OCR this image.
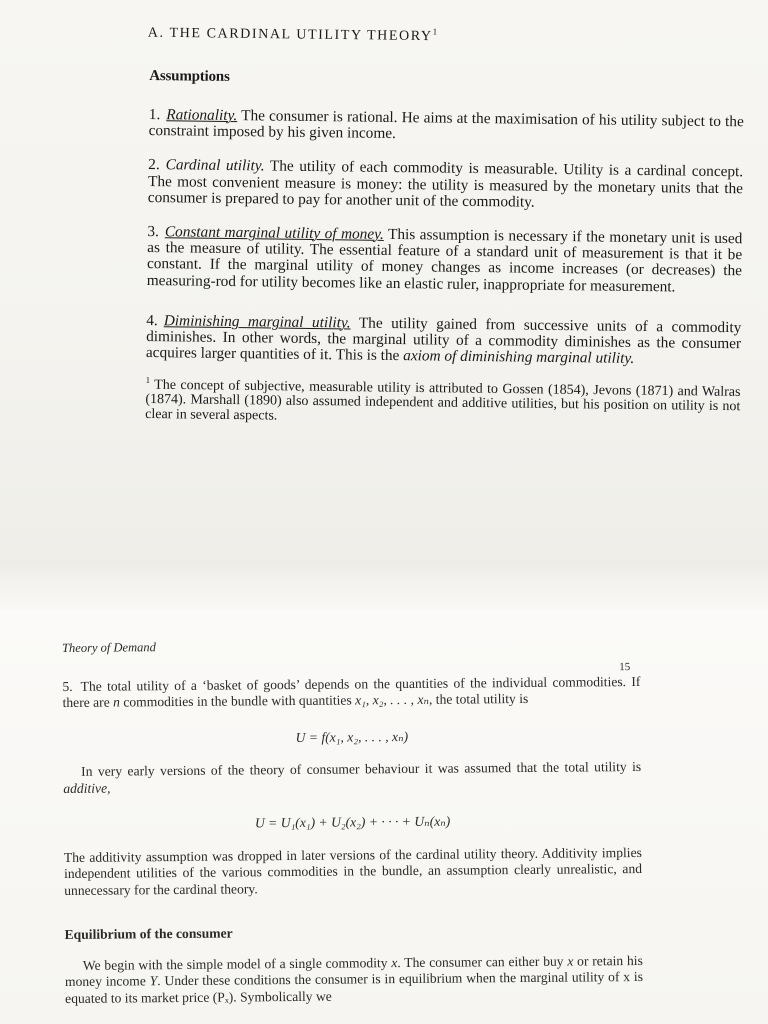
A. THE CARDINAL UTILITY THEORY$^1$
Assumptions

1. Rationality. The consumer is rational. He aims at the maximisation of his utility subject to the constraint imposed by his given income.

2. Cardinal utility. The utility of each commodity is measurable. Utility is a cardinal concept. The most convenient measure is money: the utility is measured by the monetary units that the consumer is prepared to pay for another unit of the commodity.

3. Constant marginal utility of money. This assumption is necessary if the monetary unit is used as the measure of utility. The essential feature of a standard unit of measurement is that it be constant. If the marginal utility of money changes as income increases (or decreases) the measuring-rod for utility becomes like an elastic ruler, inappropriate for measurement.

4. Diminishing marginal utility. The utility gained from successive units of a commodity diminishes. In other words, the marginal utility of a commodity diminishes as the consumer acquires larger quantities of it. This is the axiom of diminishing marginal utility.

$^1$ The concept of subjective, measurable utility is attributed to Gossen (1854), Jevons (1871) and Walras (1874). Marshall (1890) also assumed independent and additive utilities, but his position on utility is not clear in several aspects.

Theory of Demand
15

5. The total utility of a ‘basket of goods’ depends on the quantities of the individual commodities. If there are n commodities in the bundle with quantities x₁, x₂, . . . , xₙ, the total utility is

U = f(x₁, x₂, . . . , xₙ)

In very early versions of the theory of consumer behaviour it was assumed that the total utility is additive,

U = U₁(x₁) + U₂(x₂) + · · · + Uₙ(xₙ)

The additivity assumption was dropped in later versions of the cardinal utility theory. Additivity implies independent utilities of the various commodities in the bundle, an assumption clearly unrealistic, and unnecessary for the cardinal theory.

Equilibrium of the consumer

We begin with the simple model of a single commodity x. The consumer can either buy x or retain his money income Y. Under these conditions the consumer is in equilibrium when the marginal utility of x is equated to its market price (Pₓ). Symbolically we
